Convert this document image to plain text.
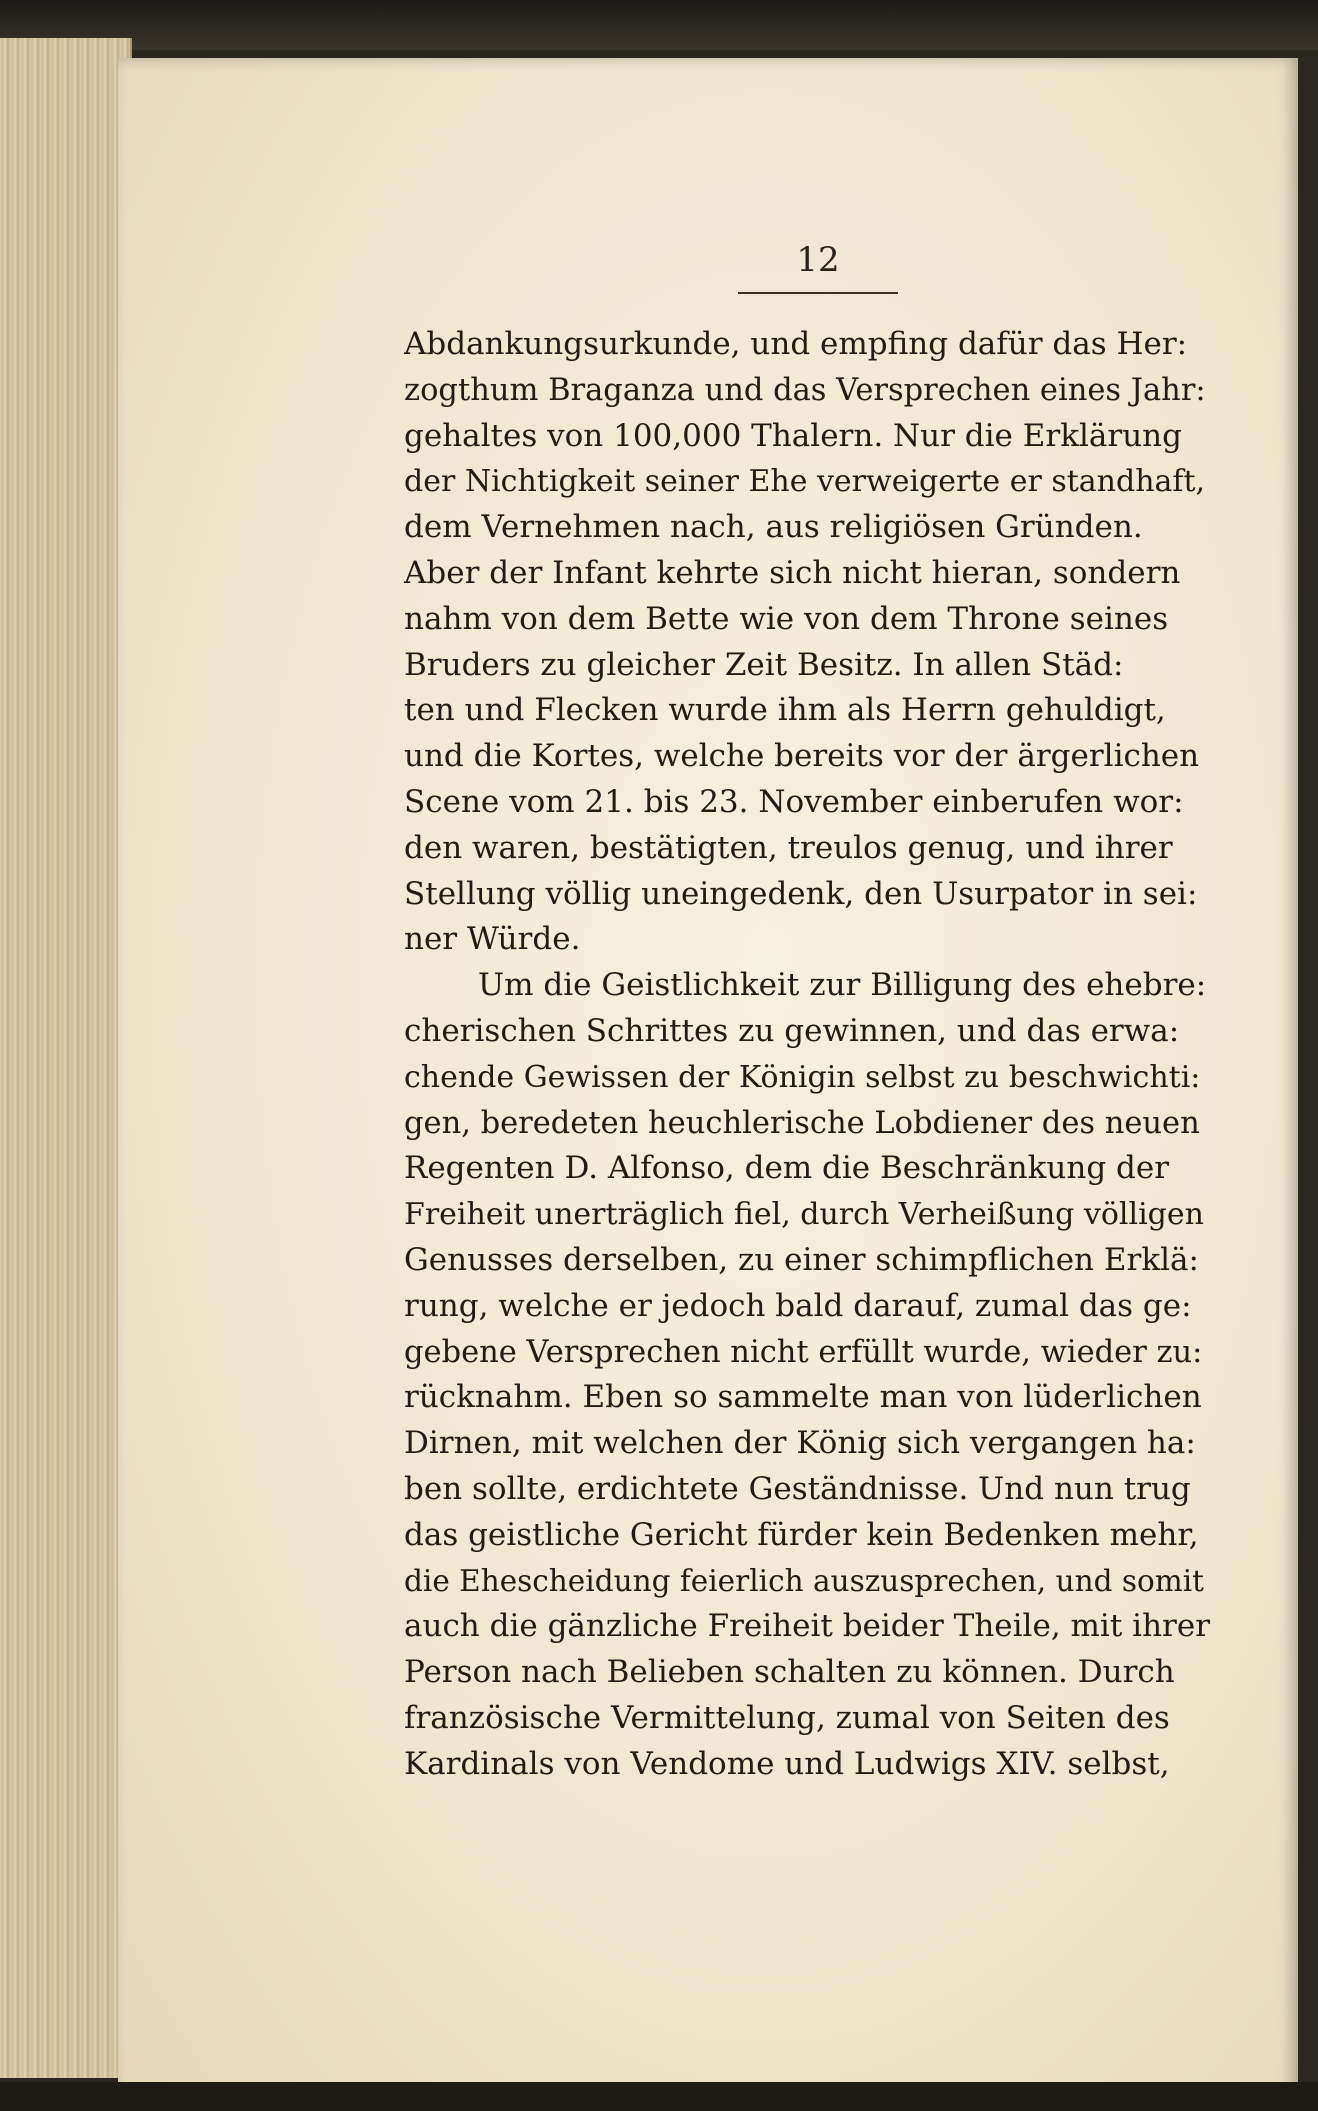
12
Abdankungsurkunde, und empfing dafür das Her:
zogthum Braganza und das Versprechen eines Jahr:
gehaltes von 100,000 Thalern. Nur die Erklärung
der Nichtigkeit seiner Ehe verweigerte er standhaft,
dem Vernehmen nach, aus religiösen Gründen.
Aber der Infant kehrte sich nicht hieran, sondern
nahm von dem Bette wie von dem Throne seines
Bruders zu gleicher Zeit Besitz. In allen Städ:
ten und Flecken wurde ihm als Herrn gehuldigt,
und die Kortes, welche bereits vor der ärgerlichen
Scene vom 21. bis 23. November einberufen wor:
den waren, bestätigten, treulos genug, und ihrer
Stellung völlig uneingedenk, den Usurpator in sei:
ner Würde.
Um die Geistlichkeit zur Billigung des ehebre:
cherischen Schrittes zu gewinnen, und das erwa:
chende Gewissen der Königin selbst zu beschwichti:
gen, beredeten heuchlerische Lobdiener des neuen
Regenten D. Alfonso, dem die Beschränkung der
Freiheit unerträglich fiel, durch Verheißung völligen
Genusses derselben, zu einer schimpflichen Erklä:
rung, welche er jedoch bald darauf, zumal das ge:
gebene Versprechen nicht erfüllt wurde, wieder zu:
rücknahm. Eben so sammelte man von lüderlichen
Dirnen, mit welchen der König sich vergangen ha:
ben sollte, erdichtete Geständnisse. Und nun trug
das geistliche Gericht fürder kein Bedenken mehr,
die Ehescheidung feierlich auszusprechen, und somit
auch die gänzliche Freiheit beider Theile, mit ihrer
Person nach Belieben schalten zu können. Durch
französische Vermittelung, zumal von Seiten des
Kardinals von Vendome und Ludwigs XIV. selbst,
